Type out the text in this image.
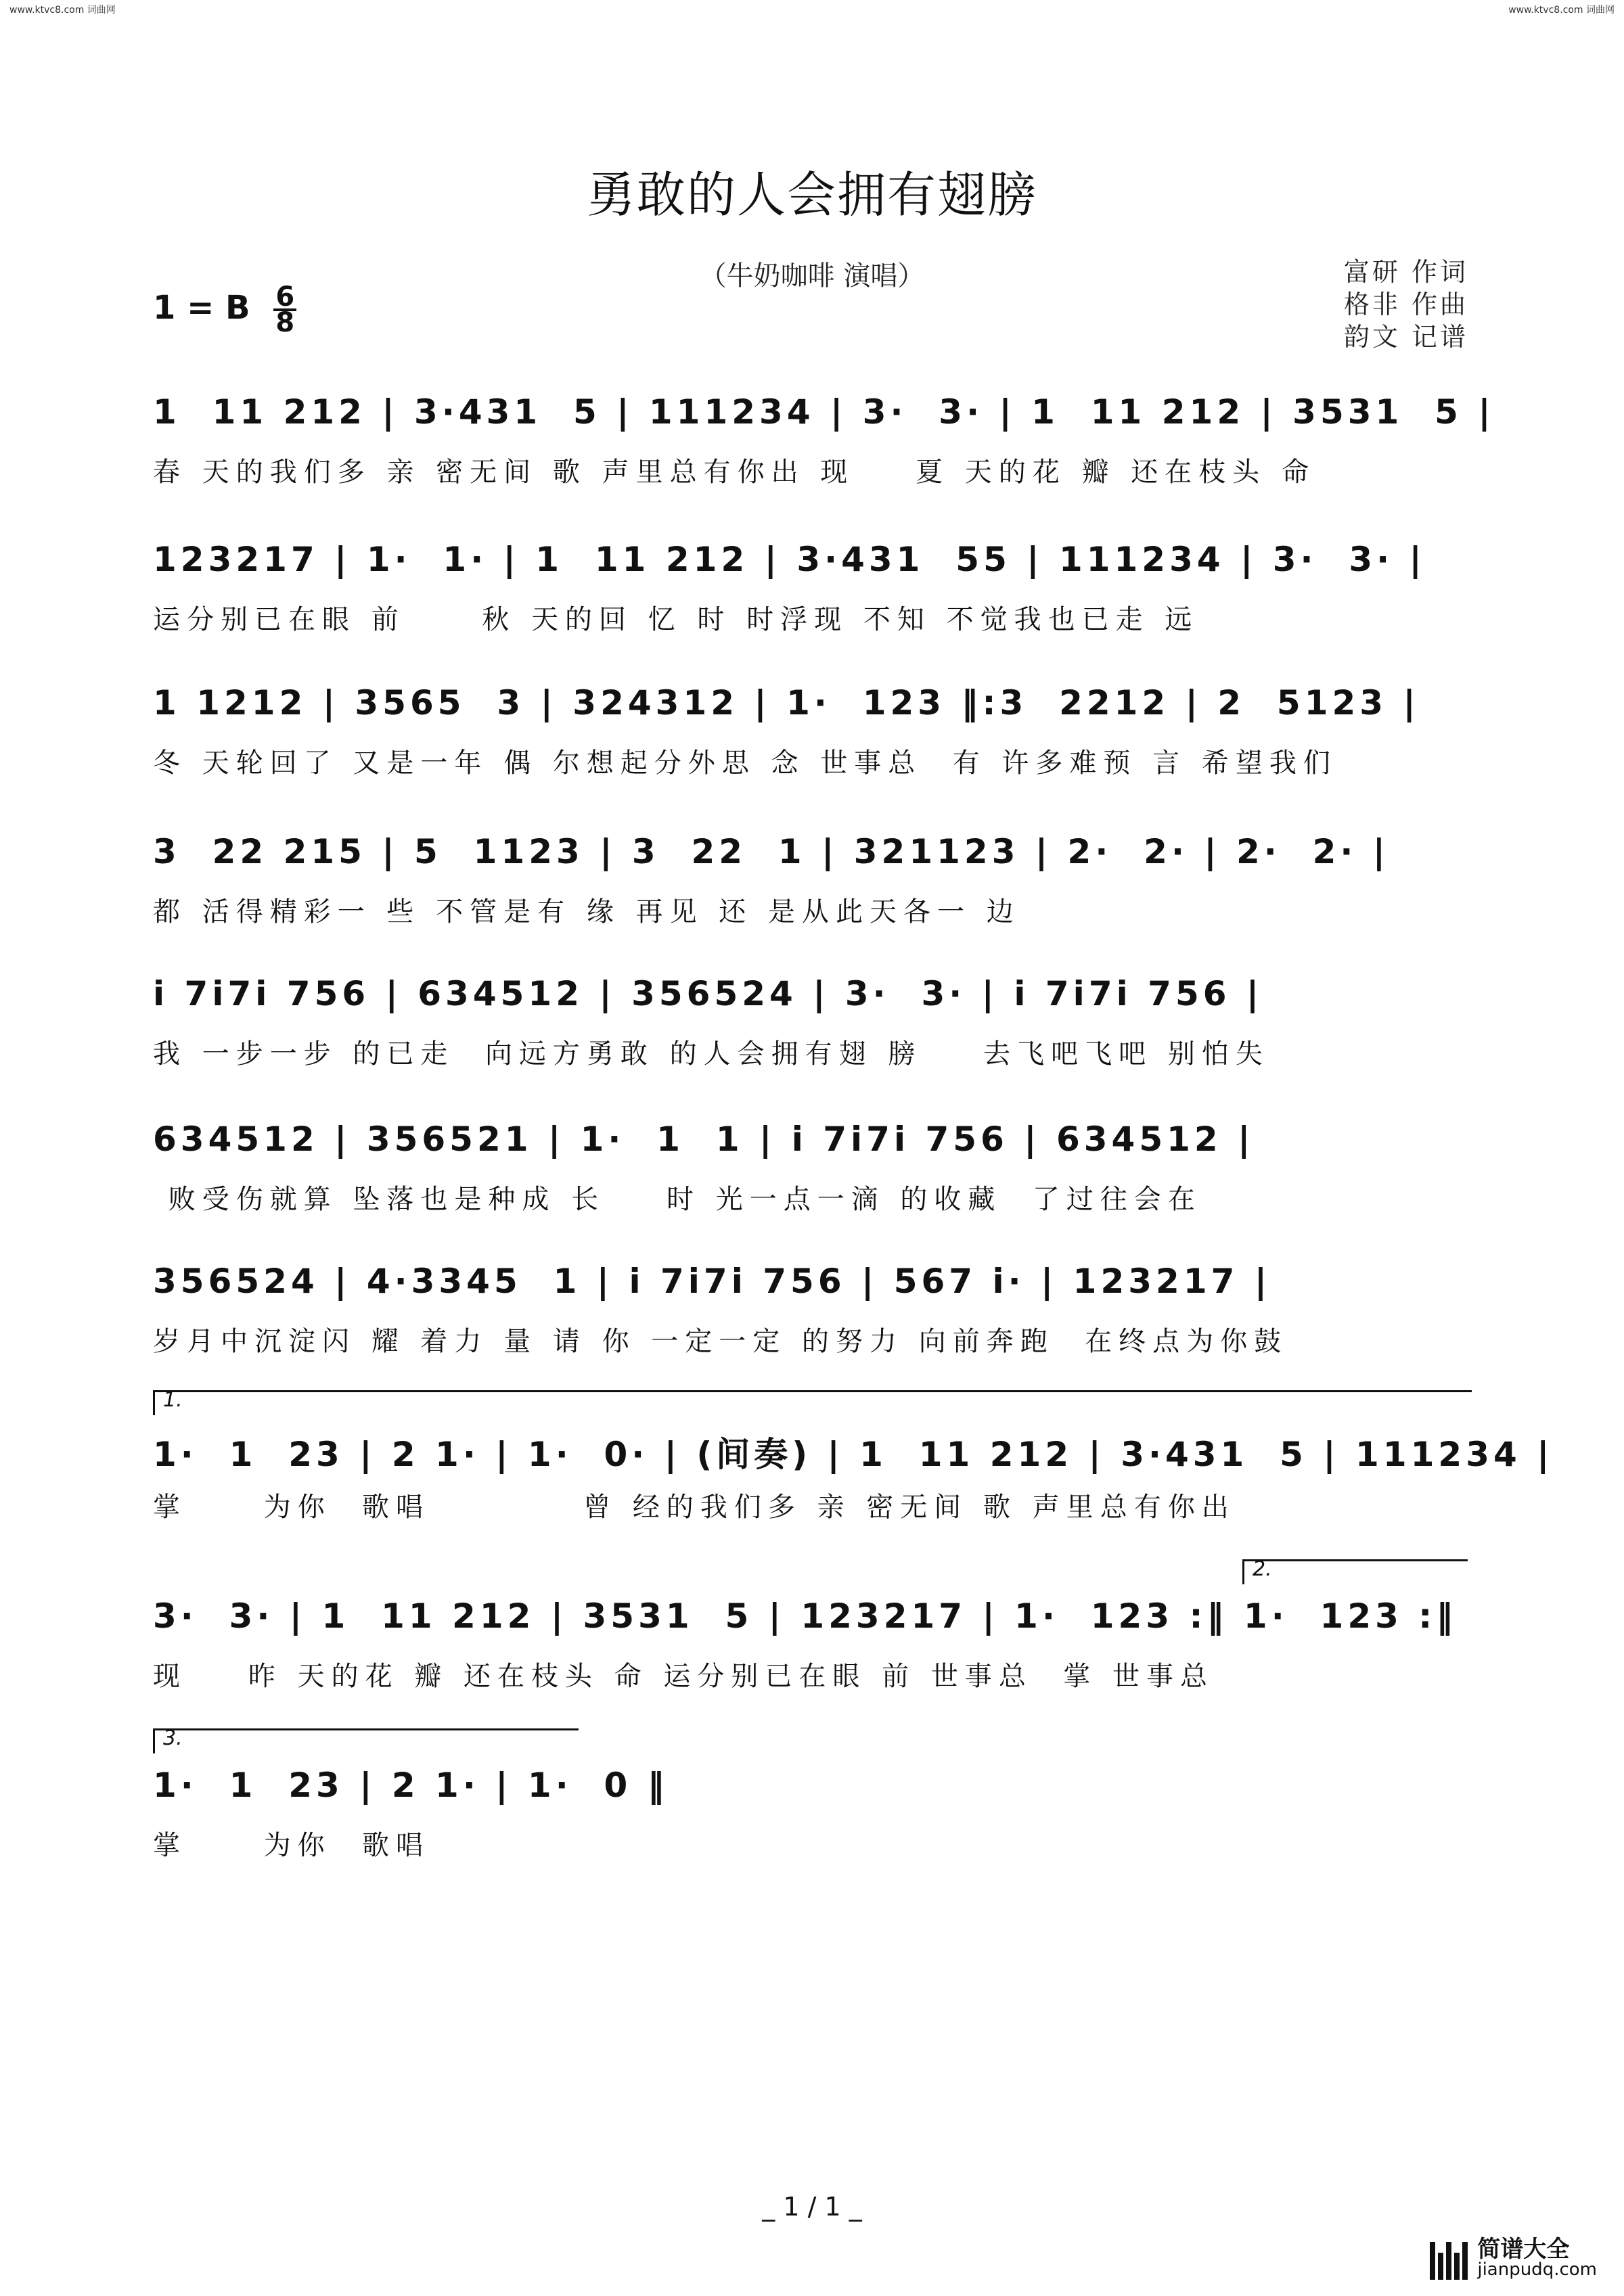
www.ktvc8.com 词曲网	www.ktvc8.com 词曲网
勇敢的人会拥有翅膀
（牛奶咖啡 演唱）	富研 作词
格非 作曲
韵文 记谱
1 = B $\frac{6}{8}$
1  11 212 | 3·431  5 | 111234 | 3·  3· | 1  11 212 | 3531  5 |
春 天的我们多 亲 密无间 歌 声里总有你出 现    夏 天的花 瓣 还在枝头 命
123217 | 1·  1· | 1  11 212 | 3·431  55 | 111234 | 3·  3· |
运分别已在眼 前     秋 天的回 忆 时 时浮现 不知 不觉我也已走 远
1 1212 | 3565  3 | 324312 | 1·  123 ‖:3  2212 | 2  5123 |
冬 天轮回了 又是一年 偶 尔想起分外思 念 世事总  有 许多难预 言 希望我们
3  22 215 | 5  1123 | 3  22  1 | 321123 | 2·  2· | 2·  2· |
都 活得精彩一 些 不管是有 缘 再见 还 是从此天各一 边
i 7i7i 756 | 634512 | 356524 | 3·  3· | i 7i7i 756 |
我 一步一步 的已走  向远方勇敢 的人会拥有翅 膀    去飞吧飞吧 别怕失
634512 | 356521 | 1·  1  1 | i 7i7i 756 | 634512 |
败受伤就算 坠落也是种成 长    时 光一点一滴 的收藏  了过往会在
356524 | 4·3345  1 | i 7i7i 756 | 567 i· | 123217 |
岁月中沉淀闪 耀 着力 量 请 你 一定一定 的努力 向前奔跑  在终点为你鼓
1.
1·  1  23 | 2 1· | 1·  0· | (间奏) | 1  11 212 | 3·431  5 | 111234 |
掌     为你  歌唱          曾 经的我们多 亲 密无间 歌 声里总有你出
2.
3·  3· | 1  11 212 | 3531  5 | 123217 | 1·  123 :‖ 1·  123 :‖
现    昨 天的花 瓣 还在枝头 命 运分别已在眼 前 世事总  掌 世事总
3.
1·  1  23 | 2 1· | 1·  0 ‖
掌     为你  歌唱
_ 1 / 1 _
简谱大全
jianpudq.com
